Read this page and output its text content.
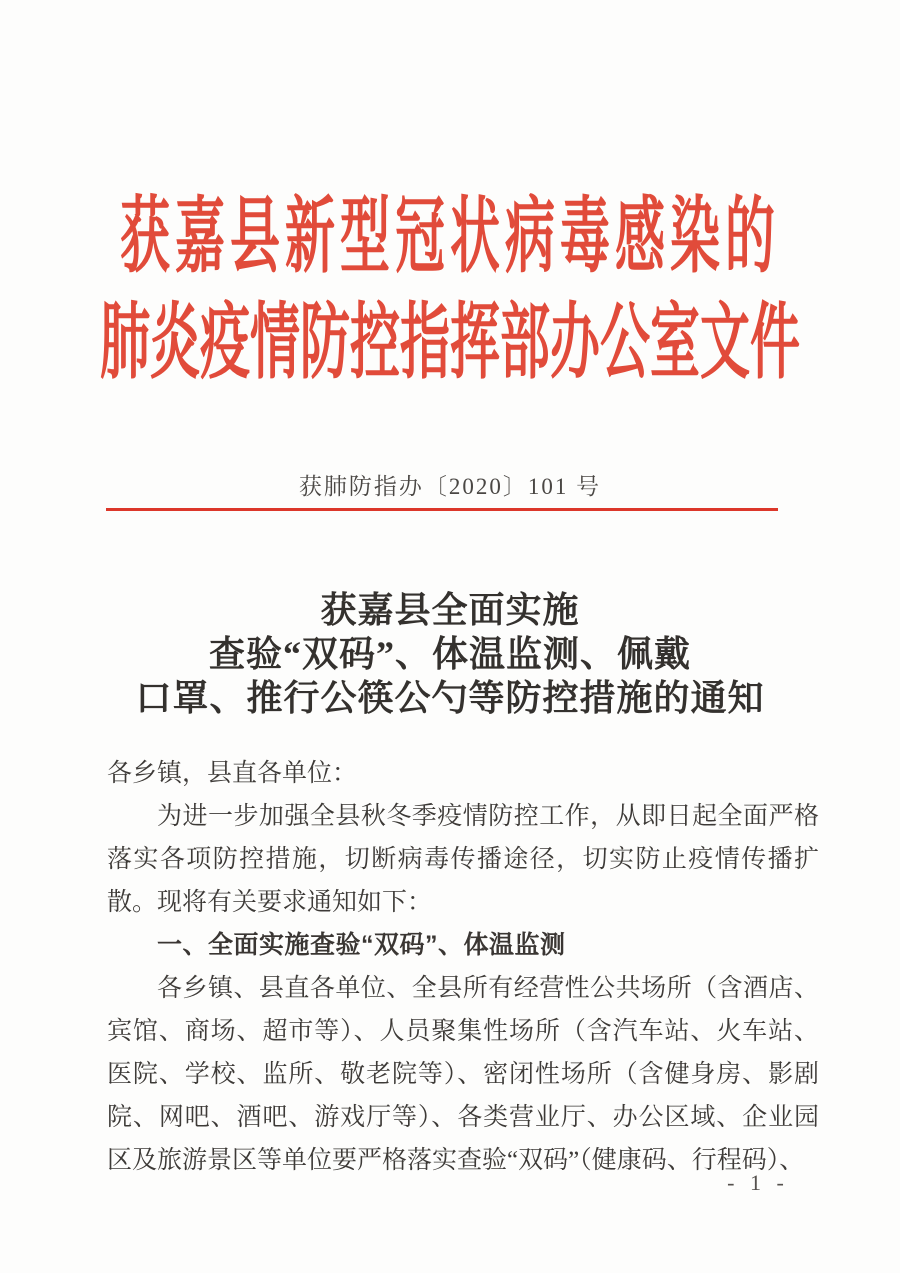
获嘉县新型冠状病毒感染的
肺炎疫情防控指挥部办公室文件
获肺防指办〔2020〕101 号
获嘉县全面实施
查验“双码”、体温监测、佩戴
口罩、推行公筷公勺等防控措施的通知

各乡镇，县直各单位：

为进一步加强全县秋冬季疫情防控工作，从即日起全面严格落实各项防控措施，切断病毒传播途径，切实防止疫情传播扩散。现将有关要求通知如下：

一、全面实施查验“双码”、体温监测

各乡镇、县直各单位、全县所有经营性公共场所（含酒店、宾馆、商场、超市等）、人员聚集性场所（含汽车站、火车站、医院、学校、监所、敬老院等）、密闭性场所（含健身房、影剧院、网吧、酒吧、游戏厅等）、各类营业厅、办公区域、企业园区及旅游景区等单位要严格落实查验“双码”（健康码、行程码）、

- 1 -
